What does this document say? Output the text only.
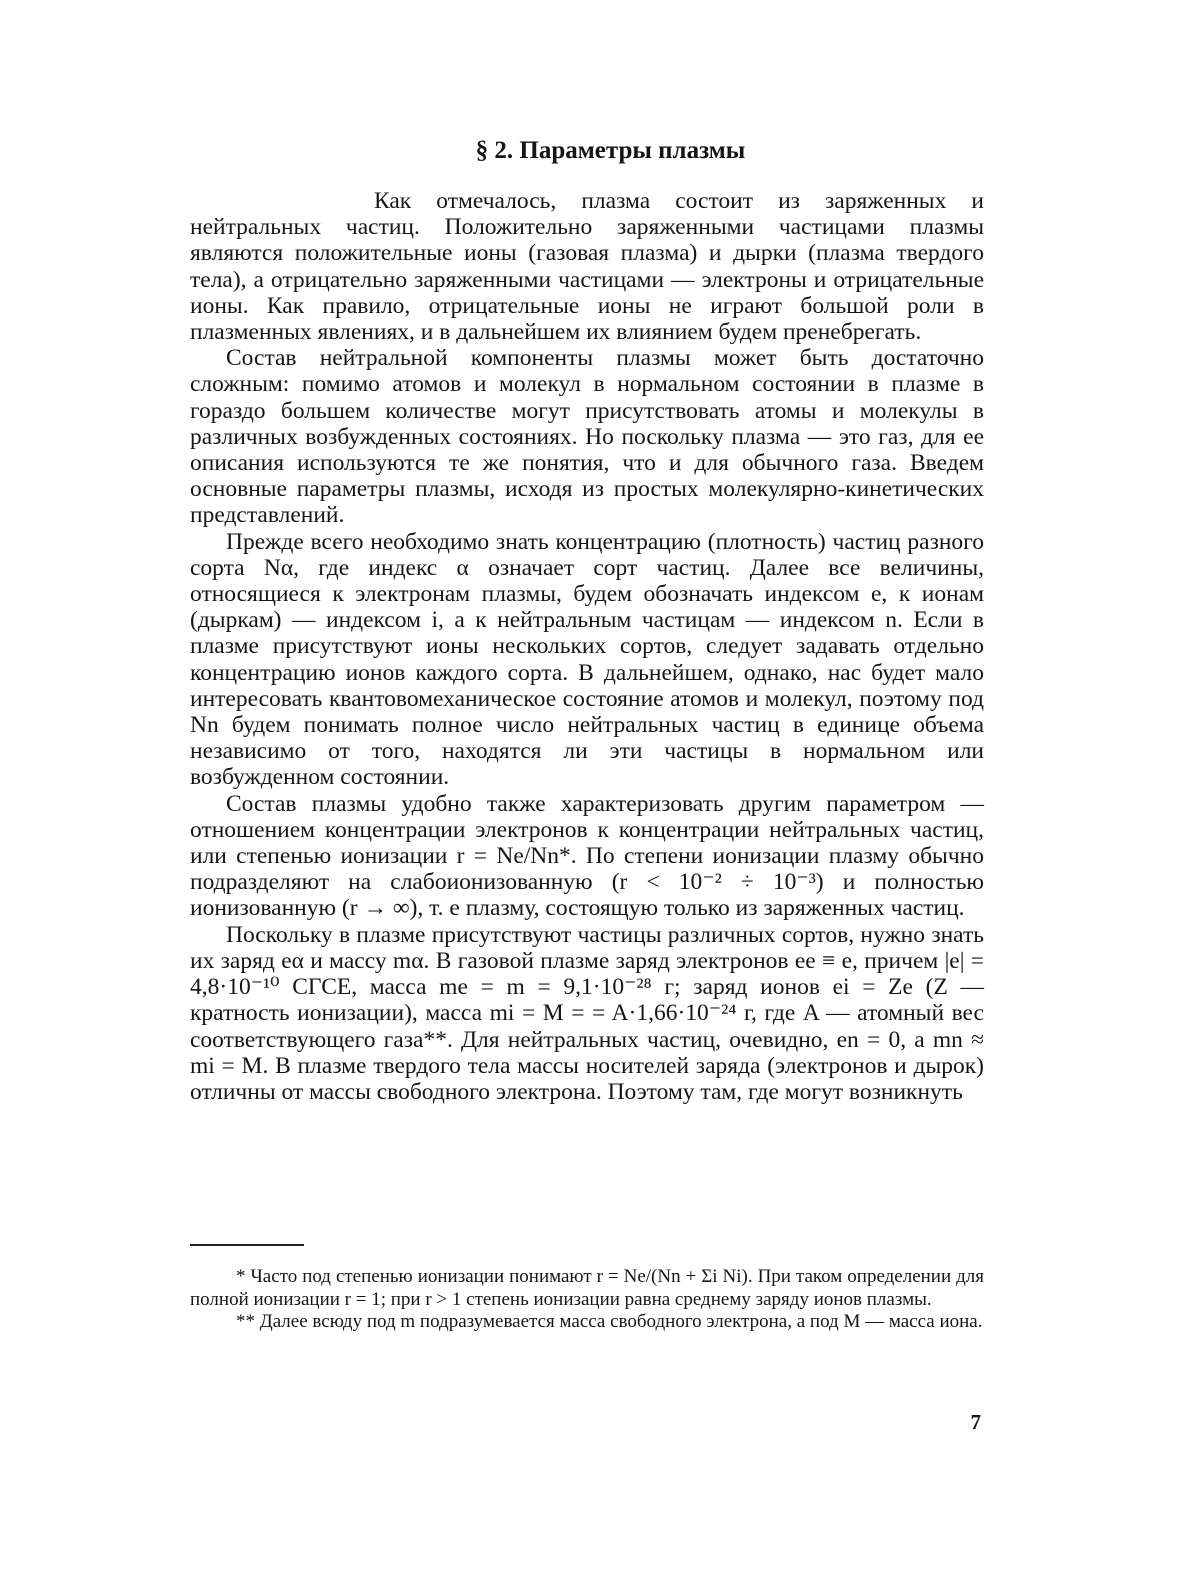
§ 2. Параметры плазмы

Как отмечалось, плазма состоит из заряженных и нейтральных частиц. Положительно заряженными частицами плазмы являются положительные ионы (газовая плазма) и дырки (плазма твердого тела), а отрицательно заряженными частицами — электроны и отрицательные ионы. Как правило, отрицательные ионы не играют большой роли в плазменных явлениях, и в дальнейшем их влиянием будем пренебрегать.

Состав нейтральной компоненты плазмы может быть достаточно сложным: помимо атомов и молекул в нормальном состоянии в плазме в гораздо большем количестве могут присутствовать атомы и молекулы в различных возбужденных состояниях. Но поскольку плазма — это газ, для ее описания используются те же понятия, что и для обычного газа. Введем основные параметры плазмы, исходя из простых молекулярно-кинетических представлений.

Прежде всего необходимо знать концентрацию (плотность) частиц разного сорта Nα, где индекс α означает сорт частиц. Далее все величины, относящиеся к электронам плазмы, будем обозначать индексом e, к ионам (дыркам) — индексом i, а к нейтральным частицам — индексом n. Если в плазме присутствуют ионы нескольких сортов, следует задавать отдельно концентрацию ионов каждого сорта. В дальнейшем, однако, нас будет мало интересовать квантовомеханическое состояние атомов и молекул, поэтому под Nn будем понимать полное число нейтральных частиц в единице объема независимо от того, находятся ли эти частицы в нормальном или возбужденном состоянии.

Состав плазмы удобно также характеризовать другим параметром — отношением концентрации электронов к концентрации нейтральных частиц, или степенью ионизации r = Ne/Nn*. По степени ионизации плазму обычно подразделяют на слабоионизованную (r < 10⁻² ÷ 10⁻³) и полностью ионизованную (r → ∞), т. е плазму, состоящую только из заряженных частиц.

Поскольку в плазме присутствуют частицы различных сортов, нужно знать их заряд eα и массу mα. В газовой плазме заряд электронов ee ≡ e, причем |e| = 4,8·10⁻¹⁰ СГСЕ, масса me = m = 9,1·10⁻²⁸ г; заряд ионов ei = Ze (Z — кратность ионизации), масса mi = M = = A·1,66·10⁻²⁴ г, где A — атомный вес соответствующего газа**. Для нейтральных частиц, очевидно, en = 0, а mn ≈ mi = M. В плазме твердого тела массы носителей заряда (электронов и дырок) отличны от массы свободного электрона. Поэтому там, где могут возникнуть

* Часто под степенью ионизации понимают r = Ne/(Nn + Σi Ni). При таком определении для полной ионизации r = 1; при r > 1 степень ионизации равна среднему заряду ионов плазмы.

** Далее всюду под m подразумевается масса свободного электрона, а под M — масса иона.

7
